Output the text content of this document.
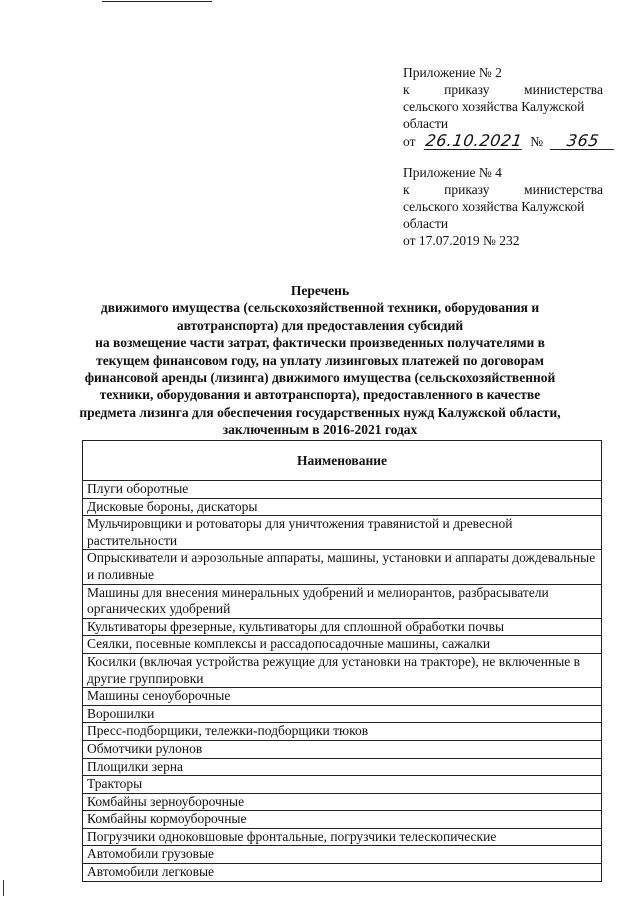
Приложение № 2
к	приказу	министерства
сельского хозяйства Калужской
области
от 26.10.2021 № 365
Приложение № 4
к	приказу	министерства
сельского хозяйства Калужской
области
от 17.07.2019 № 232
Перечень
движимого имущества (сельскохозяйственной техники, оборудования и
автотранспорта) для предоставления субсидий
на возмещение части затрат, фактически произведенных получателями в
текущем финансовом году, на уплату лизинговых платежей по договорам
финансовой аренды (лизинга) движимого имущества (сельскохозяйственной
техники, оборудования и автотранспорта), предоставленного в качестве
предмета лизинга для обеспечения государственных нужд Калужской области,
заключенным в 2016-2021 годах
Наименование
Плуги оборотные
Дисковые бороны, дискаторы
Мульчировщики и ротоваторы для уничтожения травянистой и древесной растительности
Опрыскиватели и аэрозольные аппараты, машины, установки и аппараты дождевальные и поливные
Машины для внесения минеральных удобрений и мелиорантов, разбрасыватели органических удобрений
Культиваторы фрезерные, культиваторы для сплошной обработки почвы
Сеялки, посевные комплексы и рассадопосадочные машины, сажалки
Косилки (включая устройства режущие для установки на тракторе), не включенные в другие группировки
Машины сеноуборочные
Ворошилки
Пресс-подборщики, тележки-подборщики тюков
Обмотчики рулонов
Площилки зерна
Тракторы
Комбайны зерноуборочные
Комбайны кормоуборочные
Погрузчики одноковшовые фронтальные, погрузчики телескопические
Автомобили грузовые
Автомобили легковые
